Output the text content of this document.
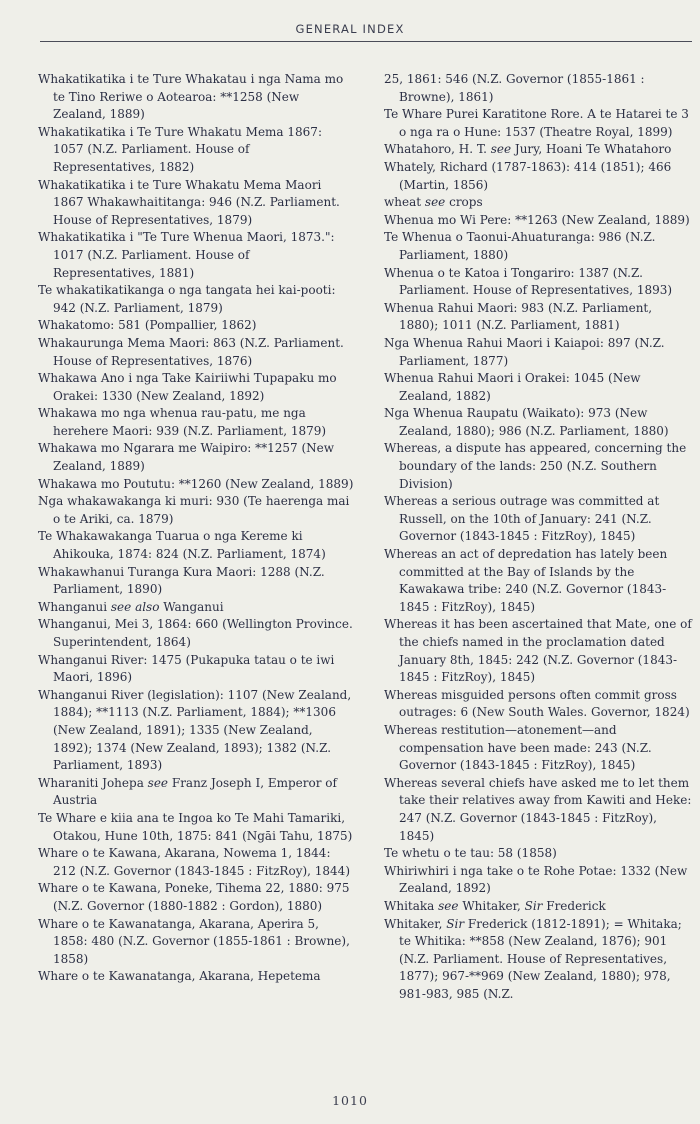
GENERAL INDEX

Whakatikatika i te Ture Whakatau i nga Nama mo te Tino Reriwe o Aotearoa: **1258 (New Zealand, 1889)

Whakatikatika i Te Ture Whakatu Mema 1867: 1057 (N.Z. Parliament. House of Representatives, 1882)

Whakatikatika i te Ture Whakatu Mema Maori 1867 Whakawhaititanga: 946 (N.Z. Parliament. House of Representatives, 1879)

Whakatikatika i "Te Ture Whenua Maori, 1873.": 1017 (N.Z. Parliament. House of Representatives, 1881)

Te whakatikatikanga o nga tangata hei kai-pooti: 942 (N.Z. Parliament, 1879)

Whakatomo: 581 (Pompallier, 1862)

Whakaurunga Mema Maori: 863 (N.Z. Parliament. House of Representatives, 1876)

Whakawa Ano i nga Take Kairiiwhi Tupapaku mo Orakei: 1330 (New Zealand, 1892)

Whakawa mo nga whenua rau-patu, me nga herehere Maori: 939 (N.Z. Parliament, 1879)

Whakawa mo Ngarara me Waipiro: **1257 (New Zealand, 1889)

Whakawa mo Poututu: **1260 (New Zealand, 1889)

Nga whakawakanga ki muri: 930 (Te haerenga mai o te Ariki, ca. 1879)

Te Whakawakanga Tuarua o nga Kereme ki Ahikouka, 1874: 824 (N.Z. Parliament, 1874)

Whakawhanui Turanga Kura Maori: 1288 (N.Z. Parliament, 1890)

Whanganui see also Wanganui

Whanganui, Mei 3, 1864: 660 (Wellington Province. Superintendent, 1864)

Whanganui River: 1475 (Pukapuka tatau o te iwi Maori, 1896)

Whanganui River (legislation): 1107 (New Zealand, 1884); **1113 (N.Z. Parliament, 1884); **1306 (New Zealand, 1891); 1335 (New Zealand, 1892); 1374 (New Zealand, 1893); 1382 (N.Z. Parliament, 1893)

Wharaniti Johepa see Franz Joseph I, Emperor of Austria

Te Whare e kiia ana te Ingoa ko Te Mahi Tamariki, Otakou, Hune 10th, 1875: 841 (Ngāi Tahu, 1875)

Whare o te Kawana, Akarana, Nowema 1, 1844: 212 (N.Z. Governor (1843-1845 : FitzRoy), 1844)

Whare o te Kawana, Poneke, Tihema 22, 1880: 975 (N.Z. Governor (1880-1882 : Gordon), 1880)

Whare o te Kawanatanga, Akarana, Aperira 5, 1858: 480 (N.Z. Governor (1855-1861 : Browne), 1858)

Whare o te Kawanatanga, Akarana, Hepetema

25, 1861: 546 (N.Z. Governor (1855-1861 : Browne), 1861)

Te Whare Purei Karatitone Rore. A te Hatarei te 3 o nga ra o Hune: 1537 (Theatre Royal, 1899)

Whatahoro, H. T. see Jury, Hoani Te Whatahoro

Whately, Richard (1787-1863): 414 (1851); 466 (Martin, 1856)

wheat see crops

Whenua mo Wi Pere: **1263 (New Zealand, 1889)

Te Whenua o Taonui-Ahuaturanga: 986 (N.Z. Parliament, 1880)

Whenua o te Katoa i Tongariro: 1387 (N.Z. Parliament. House of Representatives, 1893)

Whenua Rahui Maori: 983 (N.Z. Parliament, 1880); 1011 (N.Z. Parliament, 1881)

Nga Whenua Rahui Maori i Kaiapoi: 897 (N.Z. Parliament, 1877)

Whenua Rahui Maori i Orakei: 1045 (New Zealand, 1882)

Nga Whenua Raupatu (Waikato): 973 (New Zealand, 1880); 986 (N.Z. Parliament, 1880)

Whereas, a dispute has appeared, concerning the boundary of the lands: 250 (N.Z. Southern Division)

Whereas a serious outrage was committed at Russell, on the 10th of January: 241 (N.Z. Governor (1843-1845 : FitzRoy), 1845)

Whereas an act of depredation has lately been committed at the Bay of Islands by the Kawakawa tribe: 240 (N.Z. Governor (1843-1845 : FitzRoy), 1845)

Whereas it has been ascertained that Mate, one of the chiefs named in the proclamation dated January 8th, 1845: 242 (N.Z. Governor (1843-1845 : FitzRoy), 1845)

Whereas misguided persons often commit gross outrages: 6 (New South Wales. Governor, 1824)

Whereas restitution—atonement—and compensation have been made: 243 (N.Z. Governor (1843-1845 : FitzRoy), 1845)

Whereas several chiefs have asked me to let them take their relatives away from Kawiti and Heke: 247 (N.Z. Governor (1843-1845 : FitzRoy), 1845)

Te whetu o te tau: 58 (1858)

Whiriwhiri i nga take o te Rohe Potae: 1332 (New Zealand, 1892)

Whitaka see Whitaker, Sir Frederick

Whitaker, Sir Frederick (1812-1891); = Whitaka; te Whitika: **858 (New Zealand, 1876); 901 (N.Z. Parliament. House of Representatives, 1877); 967-**969 (New Zealand, 1880); 978, 981-983, 985 (N.Z.

1010
